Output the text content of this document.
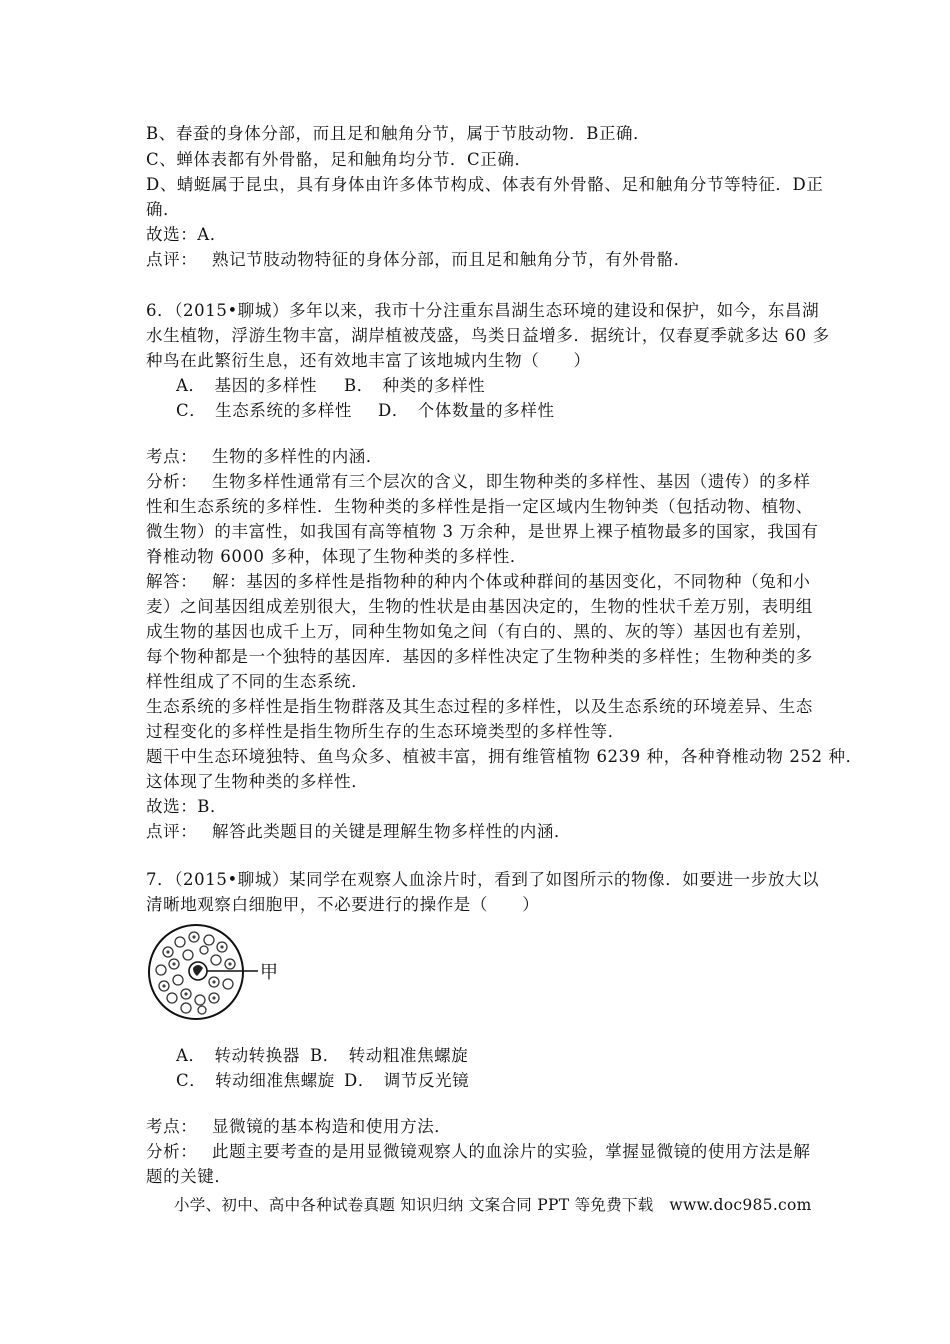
B、春蚕的身体分部，而且足和触角分节，属于节肢动物．B正确．
C、蝉体表都有外骨骼，足和触角均分节．C正确．
D、蜻蜓属于昆虫，具有身体由许多体节构成、体表有外骨骼、足和触角分节等特征．D正
确．
故选：A．
点评： 熟记节肢动物特征的身体分部，而且足和触角分节，有外骨骼．
6．（2015•聊城）多年以来，我市十分注重东昌湖生态环境的建设和保护，如今，东昌湖
水生植物，浮游生物丰富，湖岸植被茂盛，鸟类日益增多．据统计，仅春夏季就多达 60 多
种鸟在此繁衍生息，还有效地丰富了该地城内生物（　　）
A．　基因的多样性 B．　种类的多样性
C．　生态系统的多样性 D．　个体数量的多样性
考点： 生物的多样性的内涵．
分析： 生物多样性通常有三个层次的含义，即生物种类的多样性、基因（遗传）的多样
性和生态系统的多样性．生物种类的多样性是指一定区域内生物钟类（包括动物、植物、
微生物）的丰富性，如我国有高等植物 3 万余种，是世界上裸子植物最多的国家，我国有
脊椎动物 6000 多种，体现了生物种类的多样性．
解答： 解：基因的多样性是指物种的种内个体或种群间的基因变化，不同物种（兔和小
麦）之间基因组成差别很大，生物的性状是由基因决定的，生物的性状千差万别，表明组
成生物的基因也成千上万，同种生物如兔之间（有白的、黑的、灰的等）基因也有差别，
每个物种都是一个独特的基因库．基因的多样性决定了生物种类的多样性；生物种类的多
样性组成了不同的生态系统．
生态系统的多样性是指生物群落及其生态过程的多样性，以及生态系统的环境差异、生态
过程变化的多样性是指生物所生存的生态环境类型的多样性等．
题干中生态环境独特、鱼鸟众多、植被丰富，拥有维管植物 6239 种，各种脊椎动物 252 种．
这体现了生物种类的多样性．
故选：B．
点评： 解答此类题目的关键是理解生物多样性的内涵．
7．（2015•聊城）某同学在观察人血涂片时，看到了如图所示的物像．如要进一步放大以
清晰地观察白细胞甲，不必要进行的操作是（　　）
甲
A．　转动转换器 B．　转动粗准焦螺旋
C．　转动细准焦螺旋 D．　调节反光镜
考点： 显微镜的基本构造和使用方法．
分析： 此题主要考查的是用显微镜观察人的血涂片的实验，掌握显微镜的使用方法是解
题的关键．
小学、初中、高中各种试卷真题 知识归纳 文案合同 PPT 等免费下载　www.doc985.com
